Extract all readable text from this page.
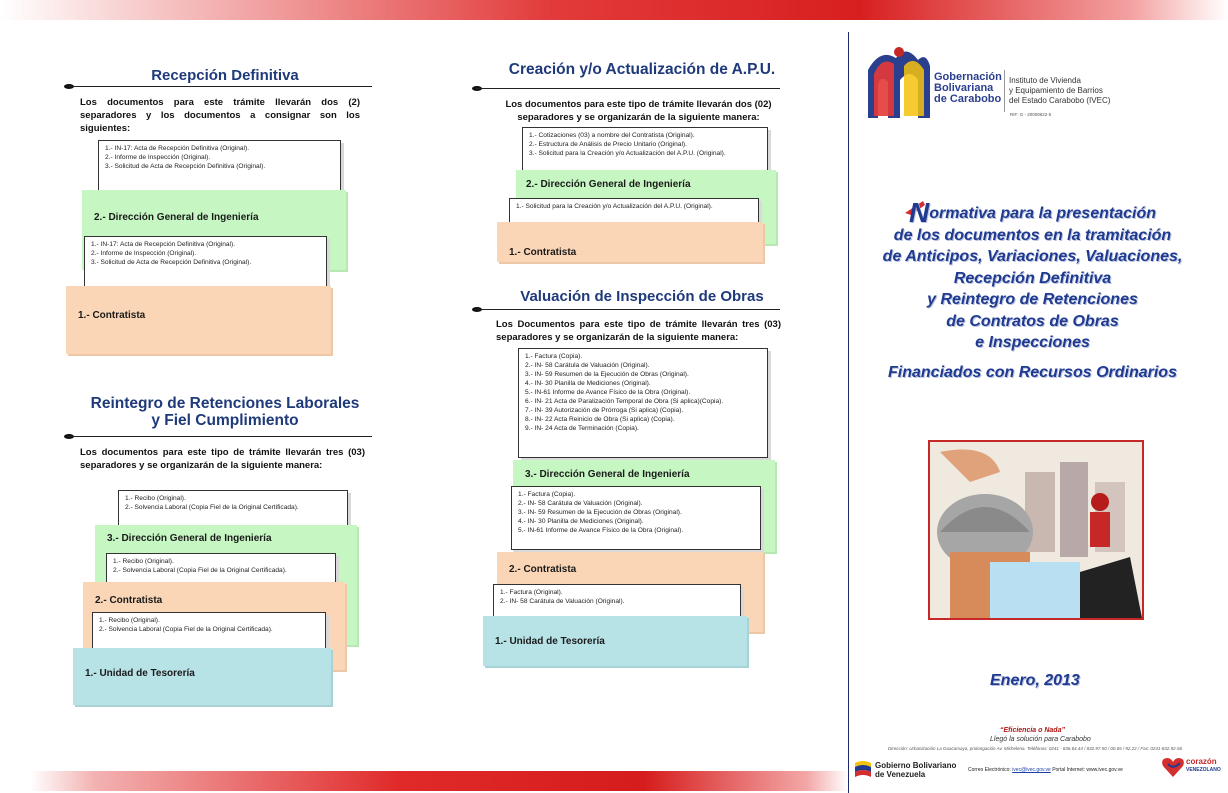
Recepción Definitiva
Los documentos para este trámite llevarán dos (2) separadores y los documentos a consignar son los siguientes:
1.- IN-17: Acta de Recepción Definitiva (Original).
2.- Informe de Inspección (Original).
3.- Solicitud de Acta de Recepción Definitiva (Original).
2.- Dirección General de Ingeniería
1.- IN-17: Acta de Recepción Definitiva (Original).
2.- Informe de Inspección (Original).
3.- Solicitud de Acta de Recepción Definitiva (Original).
1.- Contratista
Reintegro de Retenciones Laborales
y Fiel Cumplimiento
Los documentos para este tipo de trámite llevarán tres (03) separadores y se organizarán de la siguiente manera:
1.- Recibo (Original).
2.- Solvencia Laboral (Copia Fiel de la Original Certificada).
3.- Dirección General de Ingeniería
1.- Recibo (Original).
2.- Solvencia Laboral (Copia Fiel de la Original Certificada).
2.- Contratista
1.- Recibo (Original).
2.- Solvencia Laboral (Copia Fiel de la Original Certificada).
1.- Unidad de Tesorería
Creación y/o Actualización de A.P.U.
Los documentos para este tipo de trámite llevarán dos (02) separadores y se organizarán de la siguiente manera:
1.- Cotizaciones (03) a nombre del Contratista (Original).
2.- Estructura de Análisis de Precio Unitario (Original).
3.- Solicitud para la Creación y/o Actualización del A.P.U. (Original).
2.- Dirección General de Ingeniería
1.- Solicitud para la Creación y/o Actualización del A.P.U. (Original).
1.- Contratista
Valuación de Inspección de Obras
Los Documentos para este tipo de trámite llevarán tres (03) separadores y se organizarán de la siguiente manera:
1.- Factura (Copia).
2.- IN- 58 Carátula de Valuación (Original).
3.- IN- 59 Resumen de la Ejecución de Obras (Original).
4.- IN- 30 Planilla de Mediciones (Original).
5.- IN-61 Informe de Avance Físico de la Obra (Original).
6.- IN- 21 Acta de Paralización Temporal de Obra (Si aplica)(Copia).
7.- IN- 39 Autorización de Prórroga (Si aplica) (Copia).
8.- IN- 22 Acta Reinicio de Obra (Si aplica) (Copia).
9.- IN- 24 Acta de Terminación (Copia).
3.- Dirección General de Ingeniería
1.- Factura (Copia).
2.- IN- 58 Carátula de Valuación (Original).
3.- IN- 59 Resumen de la Ejecución de Obras (Original).
4.- IN- 30 Planilla de Mediciones (Original).
5.- IN-61 Informe de Avance Físico de la Obra (Original).
2.- Contratista
1.- Factura (Original).
2.- IN- 58 Carátula de Valuación (Original).
1.- Unidad de Tesorería
Gobernación
Bolivariana
de Carabobo
Instituto de Vivienda
y Equipamiento de Barrios
del Estado Carabobo (IVEC)
RIF: G - 20009622-5
Normativa para la presentación
de los documentos en la tramitación
de Anticipos, Variaciones, Valuaciones,
Recepción Definitiva
y Reintegro de Retenciones
de Contratos de Obras
e Inspecciones
Financiados con Recursos Ordinarios
Enero, 2013
“Eficiencia o Nada”
Llegó la solución para Carabobo
Dirección: Urbanización La Guacamaya, prolongación Av. Michelena. Teléfonos: 0241 - 836.64.44 / 832.97.50 / 00.65 / 92.22 / Fax: 0241-832.92.56
Gobierno Bolivariano
de Venezuela	Correo Electrónico: ivec@ivec.gov.ve Portal Internet: www.ivec.gov.ve
corazón
VENEZOLANO
